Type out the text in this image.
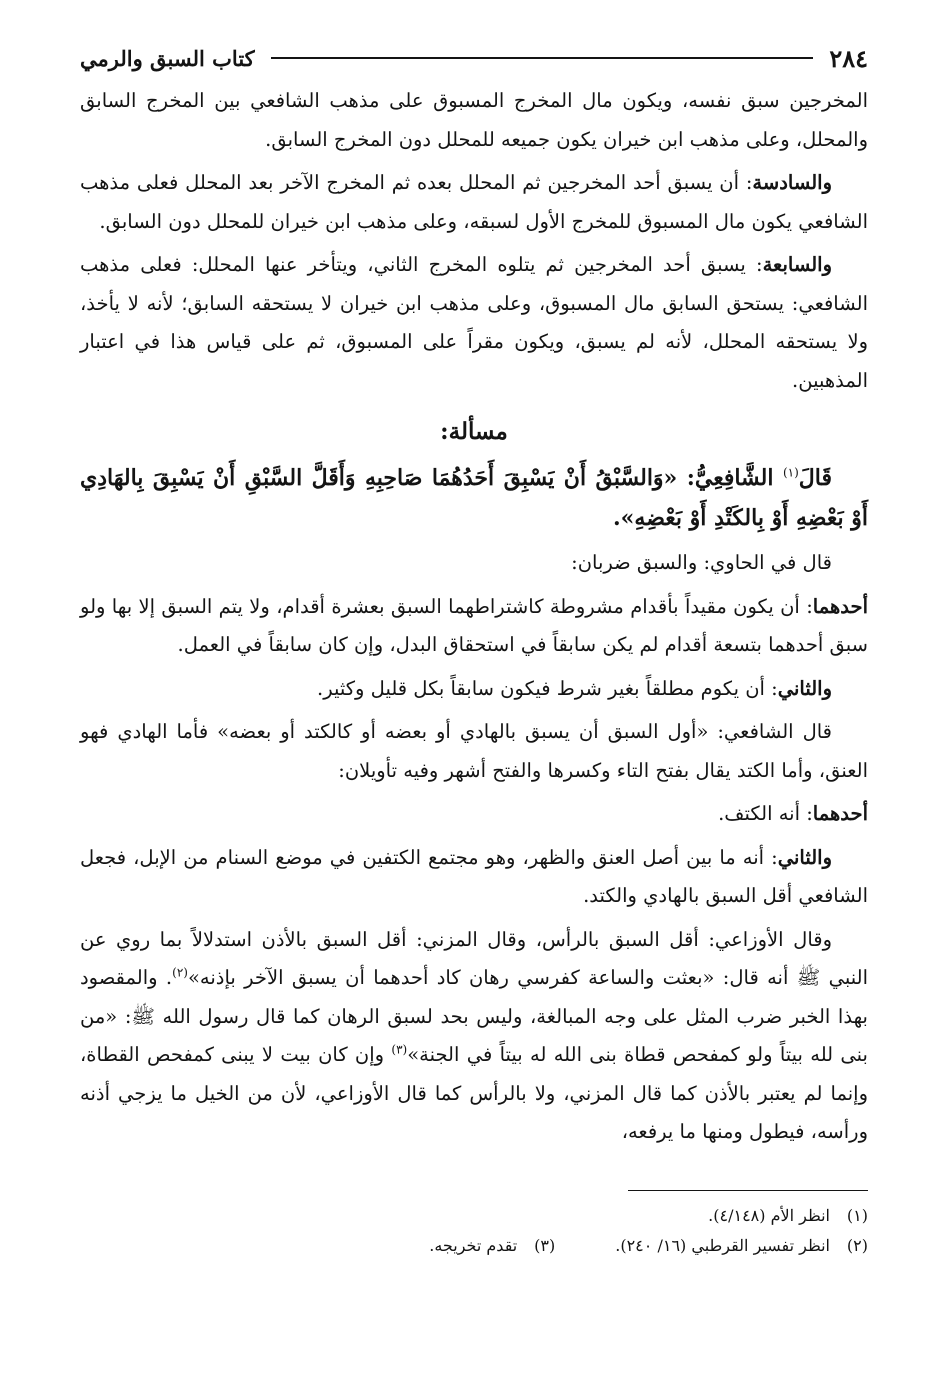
٢٨٤
كتاب السبق والرمي

المخرجين سبق نفسه، ويكون مال المخرج المسبوق على مذهب الشافعي بين المخرج السابق والمحلل، وعلى مذهب ابن خيران يكون جميعه للمحلل دون المخرج السابق.

والسادسة: أن يسبق أحد المخرجين ثم المحلل بعده ثم المخرج الآخر بعد المحلل فعلى مذهب الشافعي يكون مال المسبوق للمخرج الأول لسبقه، وعلى مذهب ابن خيران للمحلل دون السابق.

والسابعة: يسبق أحد المخرجين ثم يتلوه المخرج الثاني، ويتأخر عنها المحلل: فعلى مذهب الشافعي: يستحق السابق مال المسبوق، وعلى مذهب ابن خيران لا يستحقه السابق؛ لأنه لا يأخذ، ولا يستحقه المحلل، لأنه لم يسبق، ويكون مقراً على المسبوق، ثم على قياس هذا في اعتبار المذهبين.

مسألة:

قَالَ$^{(١)}$ الشَّافِعِيُّ: «وَالسَّبْقُ أَنْ يَسْبِقَ أَحَدُهُمَا صَاحِبِهِ وَأَقَلَّ السَّبْقِ أَنْ يَسْبِقَ بِالهَادِي أَوْ بَعْضِهِ أَوْ بِالكَتْدِ أَوْ بَعْضِهِ».

قال في الحاوي: والسبق ضربان:

أحدهما: أن يكون مقيداً بأقدام مشروطة كاشتراطهما السبق بعشرة أقدام، ولا يتم السبق إلا بها ولو سبق أحدهما بتسعة أقدام لم يكن سابقاً في استحقاق البدل، وإن كان سابقاً في العمل.

والثاني: أن يكوم مطلقاً بغير شرط فيكون سابقاً بكل قليل وكثير.

قال الشافعي: «أول السبق أن يسبق بالهادي أو بعضه أو كالكتد أو بعضه» فأما الهادي فهو العنق، وأما الكتد يقال بفتح التاء وكسرها والفتح أشهر وفيه تأويلان:

أحدهما: أنه الكتف.

والثاني: أنه ما بين أصل العنق والظهر، وهو مجتمع الكتفين في موضع السنام من الإبل، فجعل الشافعي أقل السبق بالهادي والكتد.

وقال الأوزاعي: أقل السبق بالرأس، وقال المزني: أقل السبق بالأذن استدلالاً بما روي عن النبي ﷺ أنه قال: «بعثت والساعة كفرسي رهان كاد أحدهما أن يسبق الآخر بإذنه»$^{(٢)}$. والمقصود بهذا الخبر ضرب المثل على وجه المبالغة، وليس بحد لسبق الرهان كما قال رسول الله ﷺ: «من بنى لله بيتاً ولو كمفحص قطاة بنى الله له بيتاً في الجنة»$^{(٣)}$ وإن كان بيت لا يبنى كمفحص القطاة، وإنما لم يعتبر بالأذن كما قال المزني، ولا بالرأس كما قال الأوزاعي، لأن من الخيل ما يزجي أذنه ورأسه، فيطول ومنها ما يرفعه،

(١)انظر الأم (٤/١٤٨).
(٢)انظر تفسير القرطبي (١٦/ ٢٤٠).
(٣)تقدم تخريجه.
